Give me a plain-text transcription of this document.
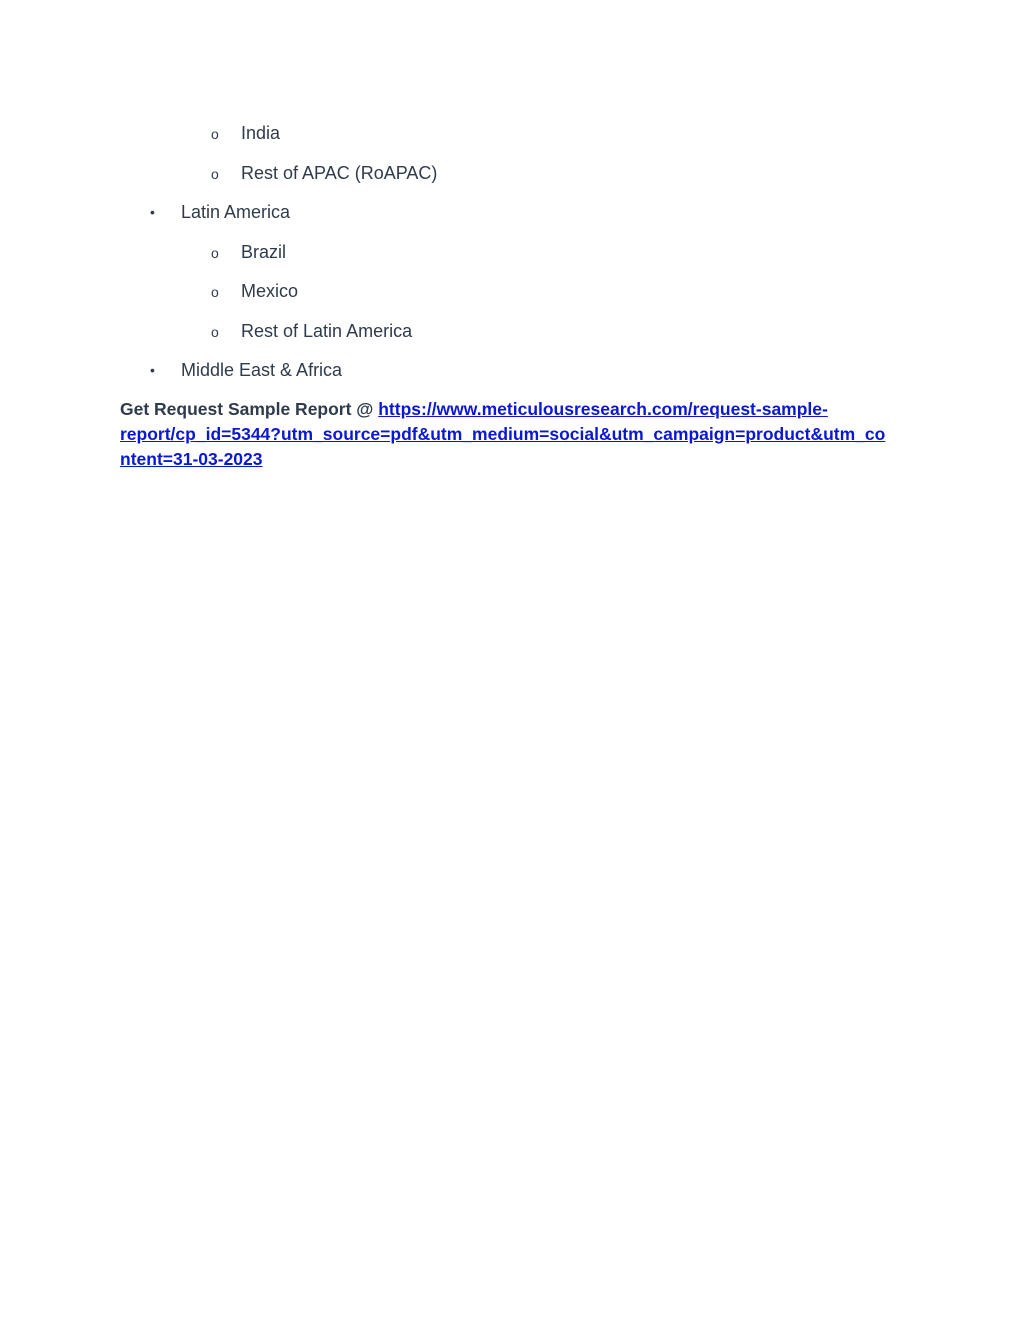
o India
o Rest of APAC (RoAPAC)
• Latin America
o Brazil
o Mexico
o Rest of Latin America
• Middle East & Africa
Get Request Sample Report @ https://www.meticulousresearch.com/request-sample-
report/cp_id=5344?utm_source=pdf&utm_medium=social&utm_campaign=product&utm_co
ntent=31-03-2023
